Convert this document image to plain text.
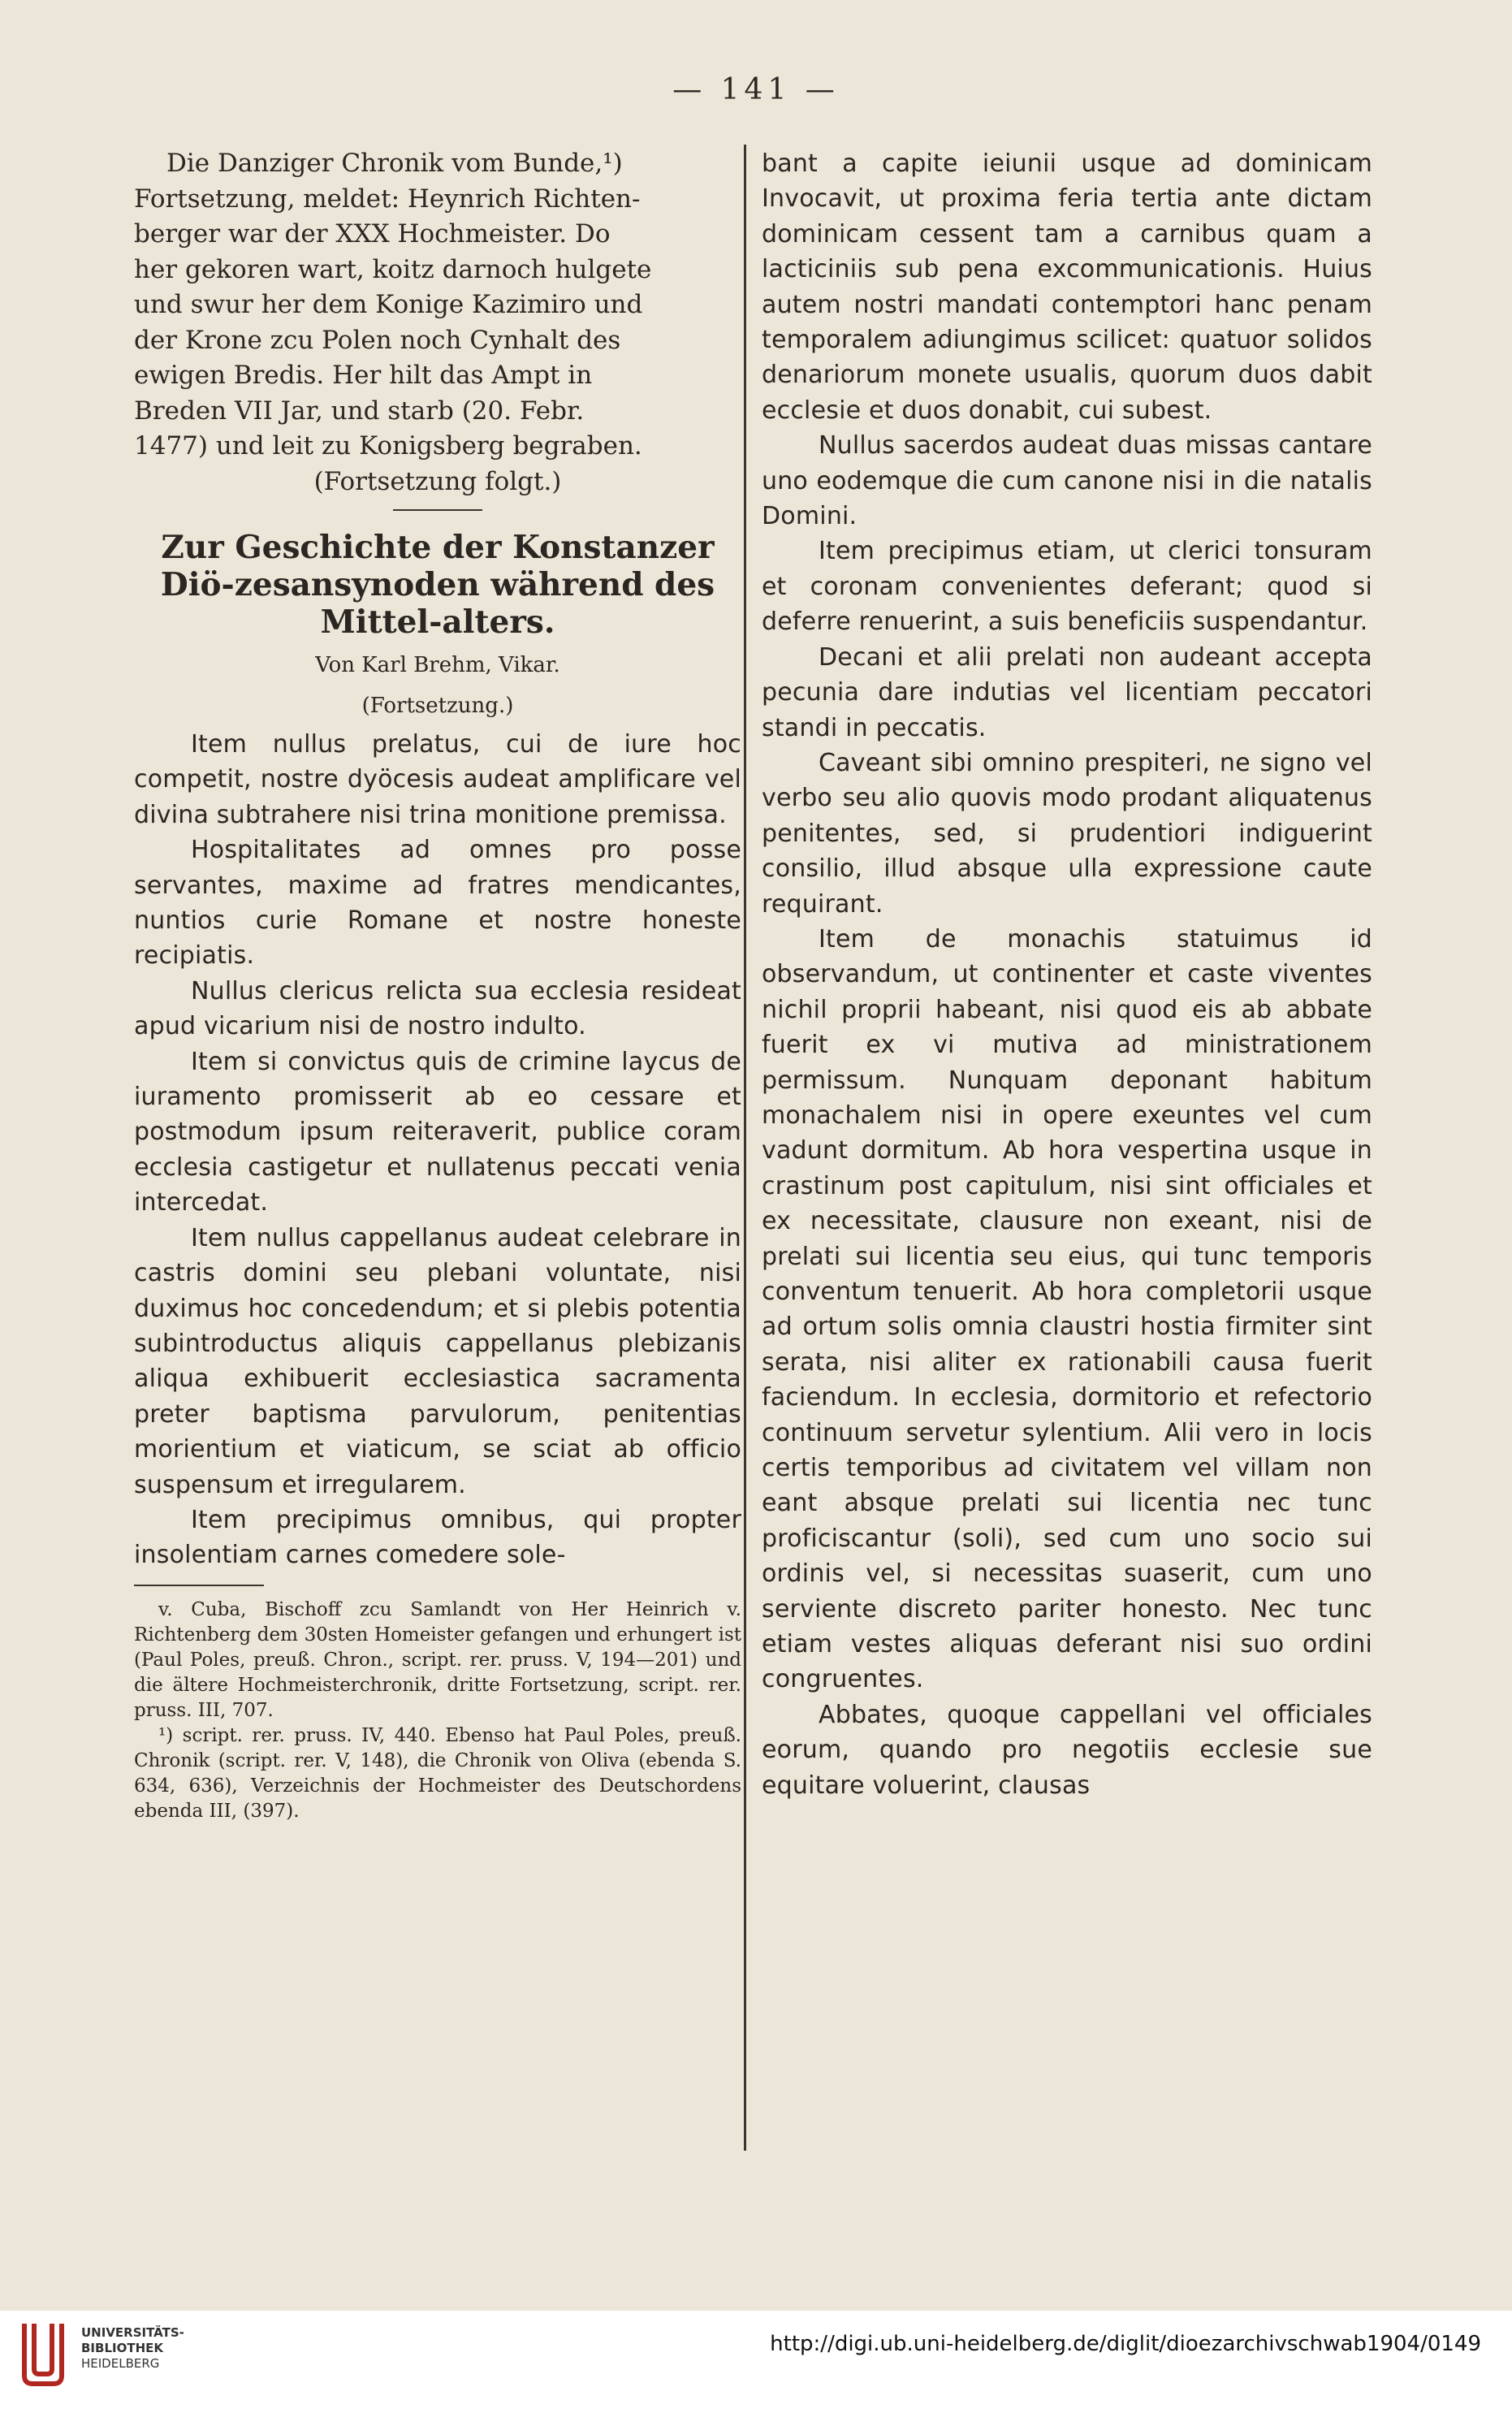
— 141 —
Die Danziger Chronik vom Bunde,¹)
Fortsetzung, meldet: Heynrich Richten-
berger war der XXX Hochmeister. Do
her gekoren wart, koitz darnoch hulgete
und swur her dem Konige Kazimiro und
der Krone zcu Polen noch Cynhalt des
ewigen Bredis. Her hilt das Ampt in
Breden VII Jar, und starb (20. Febr.
1477) und leit zu Konigsberg begraben.
(Fortsetzung folgt.)
Zur Geschichte der Konstanzer Diö-zesansynoden während des Mittel-alters.

Von Karl Brehm, Vikar.

(Fortsetzung.)

Item nullus prelatus, cui de iure hoc competit, nostre dyöcesis audeat amplificare vel divina subtrahere nisi trina monitione premissa.

Hospitalitates ad omnes pro posse servantes, maxime ad fratres mendicantes, nuntios curie Romane et nostre honeste recipiatis.

Nullus clericus relicta sua ecclesia resideat apud vicarium nisi de nostro indulto.

Item si convictus quis de crimine laycus de iuramento promisserit ab eo cessare et postmodum ipsum reiteraverit, publice coram ecclesia castigetur et nullatenus peccati venia intercedat.

Item nullus cappellanus audeat celebrare in castris domini seu plebani voluntate, nisi duximus hoc concedendum; et si plebis potentia subintroductus aliquis cappellanus plebizanis aliqua exhibuerit ecclesiastica sacramenta preter baptisma parvulorum, penitentias morientium et viaticum, se sciat ab officio suspensum et irregularem.

Item precipimus omnibus, qui propter insolentiam carnes comedere sole-

v. Cuba, Bischoff zcu Samlandt von Her Heinrich v. Richtenberg dem 30sten Homeister gefangen und erhungert ist (Paul Poles, preuß. Chron., script. rer. pruss. V, 194—201) und die ältere Hochmeisterchronik, dritte Fortsetzung, script. rer. pruss. III, 707.

¹) script. rer. pruss. IV, 440. Ebenso hat Paul Poles, preuß. Chronik (script. rer. V, 148), die Chronik von Oliva (ebenda S. 634, 636), Verzeichnis der Hochmeister des Deutschordens ebenda III, (397).

bant a capite ieiunii usque ad dominicam Invocavit, ut proxima feria tertia ante dictam dominicam cessent tam a carnibus quam a lacticiniis sub pena excommunicationis. Huius autem nostri mandati contemptori hanc penam temporalem adiungimus scilicet: quatuor solidos denariorum monete usualis, quorum duos dabit ecclesie et duos donabit, cui subest.

Nullus sacerdos audeat duas missas cantare uno eodemque die cum canone nisi in die natalis Domini.

Item precipimus etiam, ut clerici tonsuram et coronam convenientes deferant; quod si deferre renuerint, a suis beneficiis suspendantur.

Decani et alii prelati non audeant accepta pecunia dare indutias vel licentiam peccatori standi in peccatis.

Caveant sibi omnino prespiteri, ne signo vel verbo seu alio quovis modo prodant aliquatenus penitentes, sed, si prudentiori indiguerint consilio, illud absque ulla expressione caute requirant.

Item de monachis statuimus id observandum, ut continenter et caste viventes nichil proprii habeant, nisi quod eis ab abbate fuerit ex vi mutiva ad ministrationem permissum. Nunquam deponant habitum monachalem nisi in opere exeuntes vel cum vadunt dormitum. Ab hora vespertina usque in crastinum post capitulum, nisi sint officiales et ex necessitate, clausure non exeant, nisi de prelati sui licentia seu eius, qui tunc temporis conventum tenuerit. Ab hora completorii usque ad ortum solis omnia claustri hostia firmiter sint serata, nisi aliter ex rationabili causa fuerit faciendum. In ecclesia, dormitorio et refectorio continuum servetur sylentium. Alii vero in locis certis temporibus ad civitatem vel villam non eant absque prelati sui licentia nec tunc proficiscantur (soli), sed cum uno socio sui ordinis vel, si necessitas suaserit, cum uno serviente discreto pariter honesto. Nec tunc etiam vestes aliquas deferant nisi suo ordini congruentes.

Abbates, quoque cappellani vel officiales eorum, quando pro negotiis ecclesie sue equitare voluerint, clausas

UNIVERSITÄTS-
BIBLIOTHEK
HEIDELBERG
http://digi.ub.uni-heidelberg.de/diglit/dioezarchivschwab1904/0149
